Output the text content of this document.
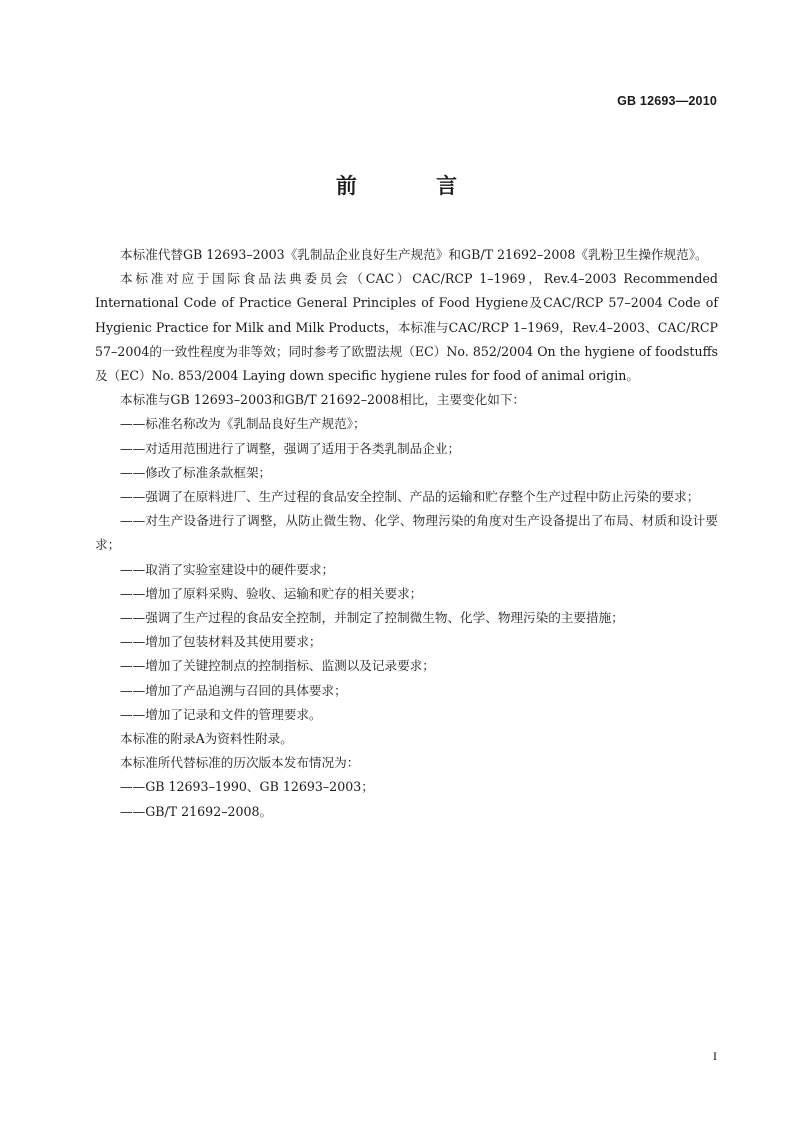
GB 12693—2010
前 言

本标准代替GB 12693–2003《乳制品企业良好生产规范》和GB/T 21692–2008《乳粉卫生操作规范》。

本标准对应于国际食品法典委员会（CAC）CAC/RCP 1–1969，Rev.4–2003 Recommended International Code of Practice General Principles of Food Hygiene及CAC/RCP 57–2004 Code of Hygienic Practice for Milk and Milk Products，本标准与CAC/RCP 1–1969，Rev.4–2003、CAC/RCP 57–2004的一致性程度为非等效；同时参考了欧盟法规（EC）No. 852/2004 On the hygiene of foodstuffs及（EC）No. 853/2004 Laying down specific hygiene rules for food of animal origin。

本标准与GB 12693–2003和GB/T 21692–2008相比，主要变化如下：

——标准名称改为《乳制品良好生产规范》；

——对适用范围进行了调整，强调了适用于各类乳制品企业；

——修改了标准条款框架；

——强调了在原料进厂、生产过程的食品安全控制、产品的运输和贮存整个生产过程中防止污染的要求；

——对生产设备进行了调整，从防止微生物、化学、物理污染的角度对生产设备提出了布局、材质和设计要求；

——取消了实验室建设中的硬件要求；

——增加了原料采购、验收、运输和贮存的相关要求；

——强调了生产过程的食品安全控制，并制定了控制微生物、化学、物理污染的主要措施；

——增加了包装材料及其使用要求；

——增加了关键控制点的控制指标、监测以及记录要求；

——增加了产品追溯与召回的具体要求；

——增加了记录和文件的管理要求。

本标准的附录A为资料性附录。

本标准所代替标准的历次版本发布情况为：

——GB 12693–1990、GB 12693–2003；

——GB/T 21692–2008。

I
